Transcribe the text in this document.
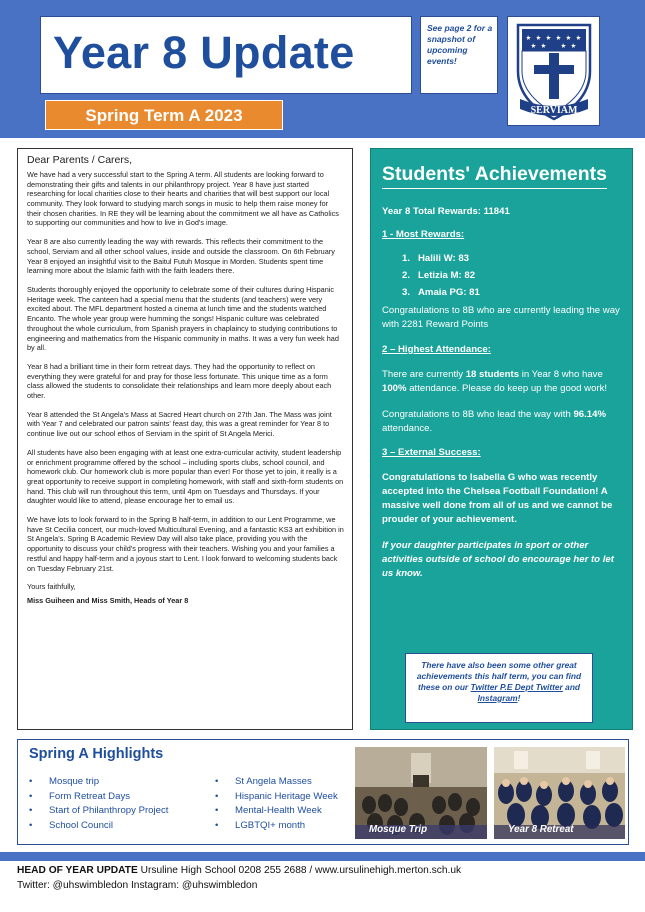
Year 8 Update
Spring Term A 2023
See page 2 for a snapshot of upcoming events!
SERVIAM
Dear Parents / Carers,

We have had a very successful start to the Spring A term. All students are looking forward to demonstrating their gifts and talents in our philanthropy project. Year 8 have just started researching for local charities close to their hearts and charities that will best support our local community. They look forward to studying march songs in music to help them raise money for their chosen charities. In RE they will be learning about the commitment we all have as Catholics to supporting our communities and how to live in God's image.

Year 8 are also currently leading the way with rewards. This reflects their commitment to the school, Serviam and all other school values, inside and outside the classroom. On 6th February Year 8 enjoyed an insightful visit to the Baitul Futuh Mosque in Morden. Students spent time learning more about the Islamic faith with the faith leaders there.

Students thoroughly enjoyed the opportunity to celebrate some of their cultures during Hispanic Heritage week. The canteen had a special menu that the students (and teachers) were very excited about. The MFL department hosted a cinema at lunch time and the students watched Encanto. The whole year group were humming the songs! Hispanic culture was celebrated throughout the whole curriculum, from Spanish prayers in chaplaincy to studying contributions to engineering and mathematics from the Hispanic community in maths. It was a very fun week had by all.

Year 8 had a brilliant time in their form retreat days. They had the opportunity to reflect on everything they were grateful for and pray for those less fortunate. This unique time as a form class allowed the students to consolidate their relationships and learn more deeply about each other.

Year 8 attended the St Angela's Mass at Sacred Heart church on 27th Jan. The Mass was joint with Year 7 and celebrated our patron saints' feast day, this was a great reminder for Year 8 to continue live out our school ethos of Serviam in the spirit of St Angela Merici.

All students have also been engaging with at least one extra-curricular activity, student leadership or enrichment programme offered by the school – including sports clubs, school council, and homework club. Our homework club is more popular than ever! For those yet to join, it really is a great opportunity to receive support in completing homework, with staff and sixth-form students on hand. This club will run throughout this term, until 4pm on Tuesdays and Thursdays. If your daughter would like to attend, please encourage her to email us.

We have lots to look forward to in the Spring B half-term, in addition to our Lent Programme, we have St Cecilia concert, our much-loved Multicultural Evening, and a fantastic KS3 art exhibition in St Angela's. Spring B Academic Review Day will also take place, providing you with the opportunity to discuss your child's progress with their teachers. Wishing you and your families a restful and happy half-term and a joyous start to Lent. I look forward to welcoming students back on Tuesday February 21st.

Yours faithfully,

Miss Guiheen and Miss Smith, Heads of Year 8
Students' Achievements
Year 8 Total Rewards: 11841
1 - Most Rewards:
1. Halili W: 83
2. Letizia M: 82
3. Amaia PG: 81
Congratulations to 8B who are currently leading the way with 2281 Reward Points
2 – Highest Attendance:
There are currently 18 students in Year 8 who have 100% attendance. Please do keep up the good work!
Congratulations to 8B who lead the way with 96.14% attendance.
3 – External Success:
Congratulations to Isabella G who was recently accepted into the Chelsea Football Foundation! A massive well done from all of us and we cannot be prouder of your achievement.
If your daughter participates in sport or other activities outside of school do encourage her to let us know.
There have also been some other great achievements this half term, you can find these on our Twitter P.E Dept Twitter and Instagram!
Spring A Highlights
• Mosque trip
• Form Retreat Days
• Start of Philanthropy Project
• School Council
• St Angela Masses
• Hispanic Heritage Week
• Mental-Health Week
• LGBTQI+ month	Mosque Trip	Year 8 Retreat
HEAD OF YEAR UPDATE Ursuline High School 0208 255 2688 / www.ursulinehigh.merton.sch.uk
Twitter: @uhswimbledon Instagram: @uhswimbledon
